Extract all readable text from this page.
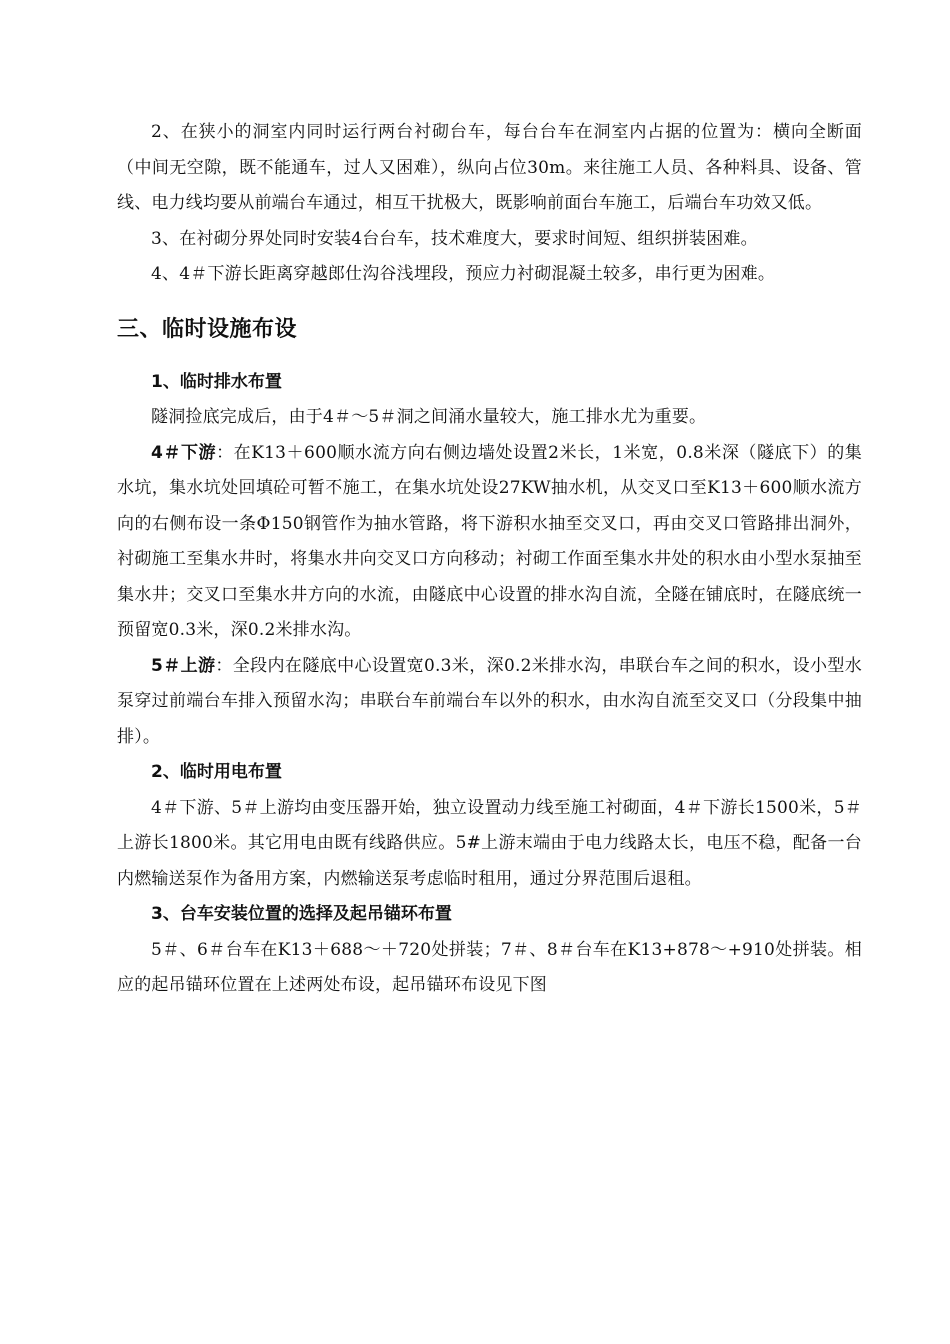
2、在狭小的洞室内同时运行两台衬砌台车，每台台车在洞室内占据的位置为：横向全断面（中间无空隙，既不能通车，过人又困难），纵向占位30m。来往施工人员、各种料具、设备、管线、电力线均要从前端台车通过，相互干扰极大，既影响前面台车施工，后端台车功效又低。

3、在衬砌分界处同时安装4台台车，技术难度大，要求时间短、组织拼装困难。

4、4＃下游长距离穿越郎仕沟谷浅埋段，预应力衬砌混凝土较多，串行更为困难。

三、临时设施布设
1、临时排水布置

隧洞捡底完成后，由于4＃～5＃洞之间涌水量较大，施工排水尤为重要。

4＃下游：在K13＋600顺水流方向右侧边墙处设置2米长，1米宽，0.8米深（隧底下）的集水坑，集水坑处回填砼可暂不施工，在集水坑处设27KW抽水机，从交叉口至K13＋600顺水流方向的右侧布设一条Φ150钢管作为抽水管路，将下游积水抽至交叉口，再由交叉口管路排出洞外，衬砌施工至集水井时，将集水井向交叉口方向移动；衬砌工作面至集水井处的积水由小型水泵抽至集水井；交叉口至集水井方向的水流，由隧底中心设置的排水沟自流，全隧在铺底时，在隧底统一预留宽0.3米，深0.2米排水沟。

5＃上游：全段内在隧底中心设置宽0.3米，深0.2米排水沟，串联台车之间的积水，设小型水泵穿过前端台车排入预留水沟；串联台车前端台车以外的积水，由水沟自流至交叉口（分段集中抽排）。

2、临时用电布置

4＃下游、5＃上游均由变压器开始，独立设置动力线至施工衬砌面，4＃下游长1500米，5＃上游长1800米。其它用电由既有线路供应。5#上游末端由于电力线路太长，电压不稳，配备一台内燃输送泵作为备用方案，内燃输送泵考虑临时租用，通过分界范围后退租。

3、台车安装位置的选择及起吊锚环布置

5＃、6＃台车在K13＋688～＋720处拼装；7＃、8＃台车在K13+878～+910处拼装。相应的起吊锚环位置在上述两处布设，起吊锚环布设见下图
